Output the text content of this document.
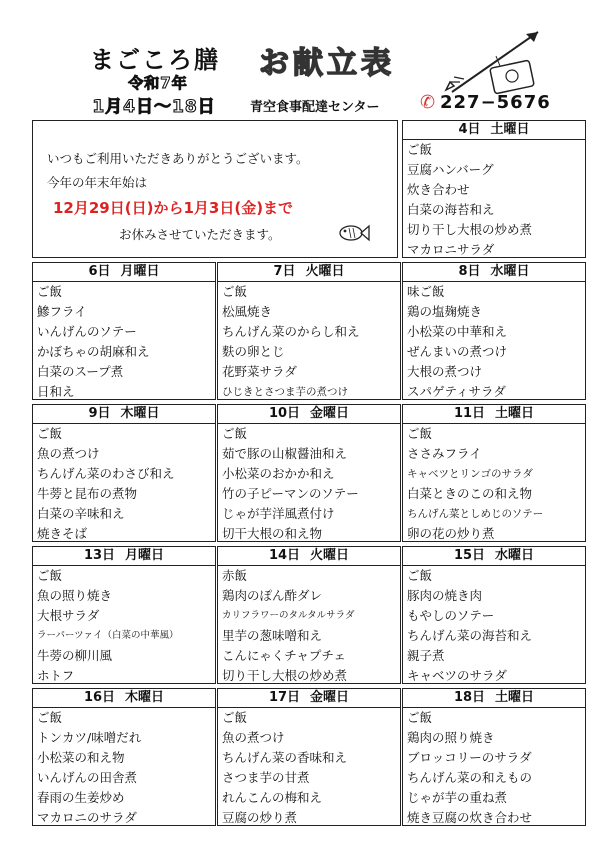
まごころ膳
令和7年
1月4日〜18日
お献立表
青空食事配達センター ✆ 227−5676
いつもご利用いただきありがとうございます。
今年の年末年始は
12月29日(日)から1月3日(金)まで
お休みさせていただきます。
4日 土曜日
ご飯
豆腐ハンバーグ
炊き合わせ
白菜の海苔和え
切り干し大根の炒め煮
マカロニサラダ
6日 月曜日
ご飯
鰺フライ
いんげんのソテー
かぼちゃの胡麻和え
白菜のスープ煮
日和え
7日 火曜日
ご飯
松風焼き
ちんげん菜のからし和え
麩の卵とじ
花野菜サラダ
ひじきとさつま芋の煮つけ
8日 水曜日
味ご飯
鶏の塩麹焼き
小松菜の中華和え
ぜんまいの煮つけ
大根の煮つけ
スパゲティサラダ
9日 木曜日
ご飯
魚の煮つけ
ちんげん菜のわさび和え
牛蒡と昆布の煮物
白菜の辛味和え
焼きそば
10日 金曜日
ご飯
茹で豚の山椒醤油和え
小松菜のおかか和え
竹の子ピーマンのソテー
じゃが芋洋風煮付け
切干大根の和え物
11日 土曜日
ご飯
ささみフライ
キャベツとリンゴのサラダ
白菜ときのこの和え物
ちんげん菜としめじのソテー
卵の花の炒り煮
13日 月曜日
ご飯
魚の照り焼き
大根サラダ
ラーパーツァイ（白菜の中華風）
牛蒡の柳川風
ホトフ
14日 火曜日
赤飯
鶏肉のぽん酢ダレ
カリフラワーのタルタルサラダ
里芋の葱味噌和え
こんにゃくチャプチェ
切り干し大根の炒め煮
15日 水曜日
ご飯
豚肉の焼き肉
もやしのソテー
ちんげん菜の海苔和え
親子煮
キャベツのサラダ
16日 木曜日
ご飯
トンカツ/味噌だれ
小松菜の和え物
いんげんの田舎煮
春雨の生姜炒め
マカロニのサラダ
17日 金曜日
ご飯
魚の煮つけ
ちんげん菜の香味和え
さつま芋の甘煮
れんこんの梅和え
豆腐の炒り煮
18日 土曜日
ご飯
鶏肉の照り焼き
ブロッコリーのサラダ
ちんげん菜の和えもの
じゃが芋の重ね煮
焼き豆腐の炊き合わせ
